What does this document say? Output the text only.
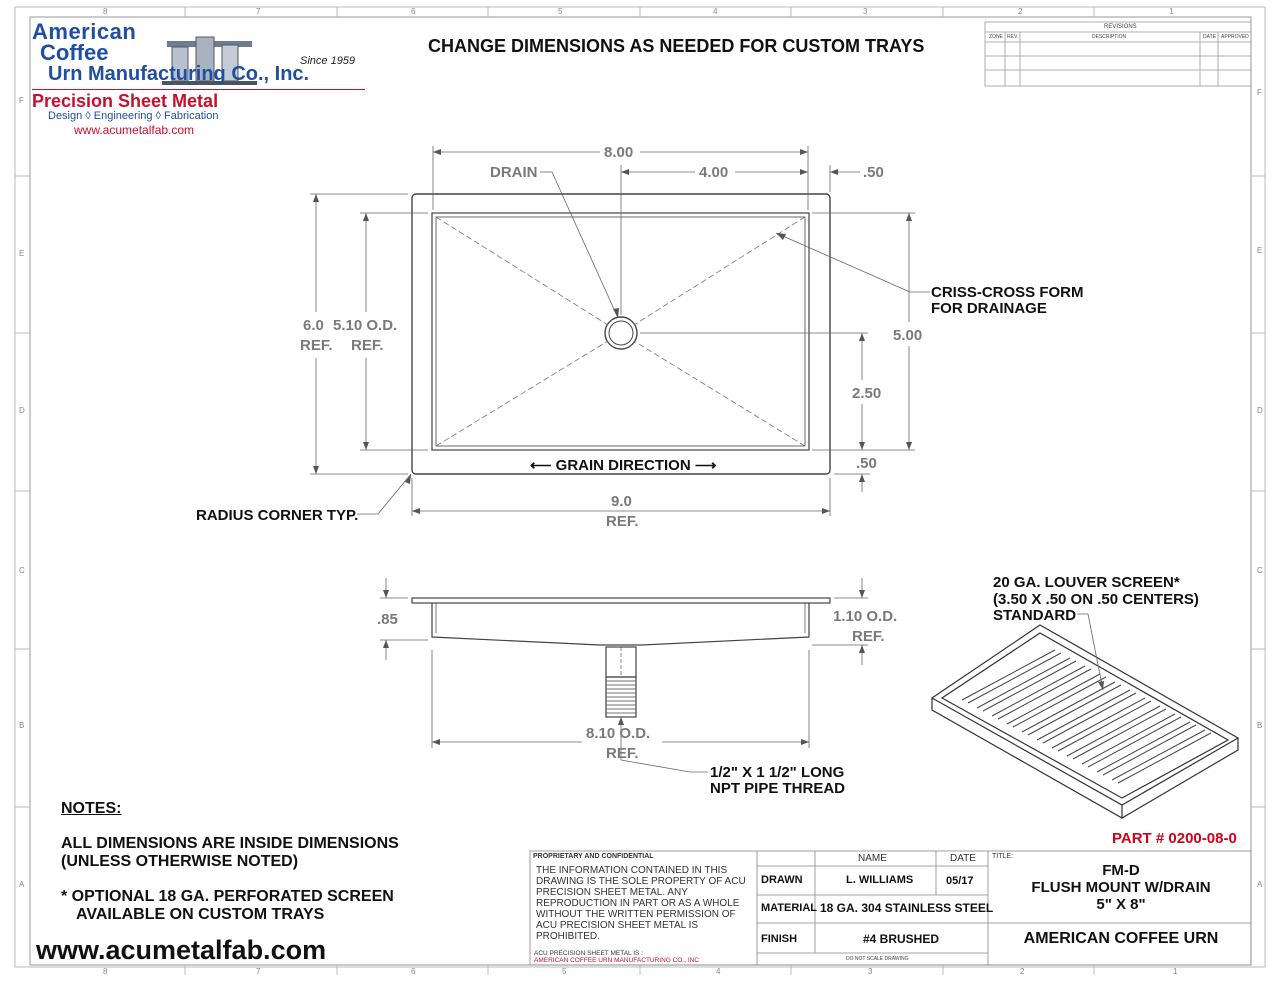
8	7	6	5	4	3	2	1
8	7	6	5	4	3	2	1
F
E
D
C
B
A
F
E
D
C
B
A
American
Coffee
Urn Manufacturing Co., Inc.
Since 1959
Precision Sheet Metal
Design ◊ Engineering ◊ Fabrication
www.acumetalfab.com
CHANGE DIMENSIONS AS NEEDED FOR CUSTOM TRAYS
REVISIONS
ZONE REV.	DESCRIPTION	DATE APPROVED
8.00
4.00	.50
DRAIN
CRISS-CROSS FORM
FOR DRAINAGE
5.00
2.50
.50
6.0
REF.
5.10 O.D.
REF.
⟵ GRAIN DIRECTION ⟶
9.0
REF.
RADIUS CORNER TYP.
.85	1.10 O.D.
REF.
8.10 O.D.
REF.
1/2" X 1 1/2" LONG
NPT PIPE THREAD
20 GA. LOUVER SCREEN*
(3.50 X .50 ON .50 CENTERS)
STANDARD
PART # 0200-08-0
NOTES:
ALL DIMENSIONS ARE INSIDE DIMENSIONS
(UNLESS OTHERWISE NOTED)
* OPTIONAL 18 GA. PERFORATED SCREEN
AVAILABLE ON CUSTOM TRAYS
www.acumetalfab.com
PROPRIETARY AND CONFIDENTIAL
THE INFORMATION CONTAINED IN THIS DRAWING IS THE SOLE PROPERTY OF ACU PRECISION SHEET METAL. ANY REPRODUCTION IN PART OR AS A WHOLE WITHOUT THE WRITTEN PERMISSION OF ACU PRECISION SHEET METAL IS PROHIBITED.
ACU PRECISION SHEET METAL IS :
AMERICAN COFFEE URN MANUFACTURING CO., INC
NAME	DATE TITLE:
DRAWN	L. WILLIAMS	05/17
MATERIAL 18 GA. 304 STAINLESS STEEL
FINISH	#4 BRUSHED
DO NOT SCALE DRAWING
FM-D
FLUSH MOUNT W/DRAIN
5" X 8"
AMERICAN COFFEE URN
